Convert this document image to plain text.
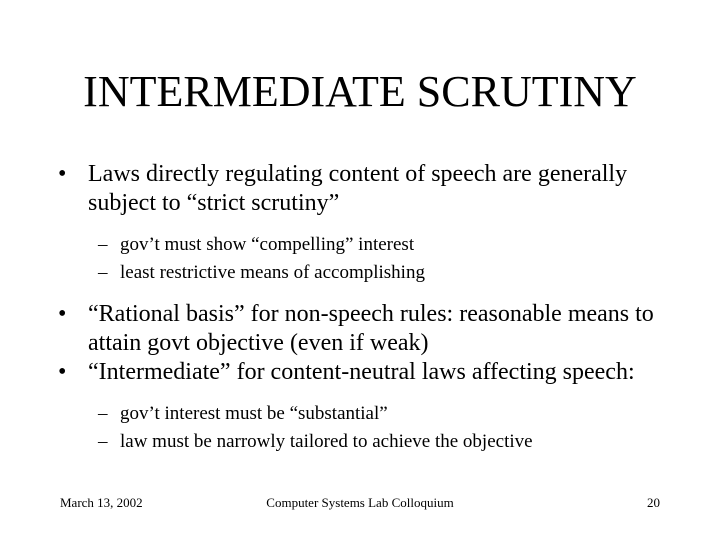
INTERMEDIATE SCRUTINY
• Laws directly regulating content of speech are generally subject to “strict scrutiny”
– gov’t must show “compelling” interest
– least restrictive means of accomplishing
• “Rational basis” for non-speech rules: reasonable means to attain govt objective (even if weak)
• “Intermediate” for content-neutral laws affecting speech:
– gov’t interest must be “substantial”
– law must be narrowly tailored to achieve the objective
March 13, 2002	Computer Systems Lab Colloquium	20
